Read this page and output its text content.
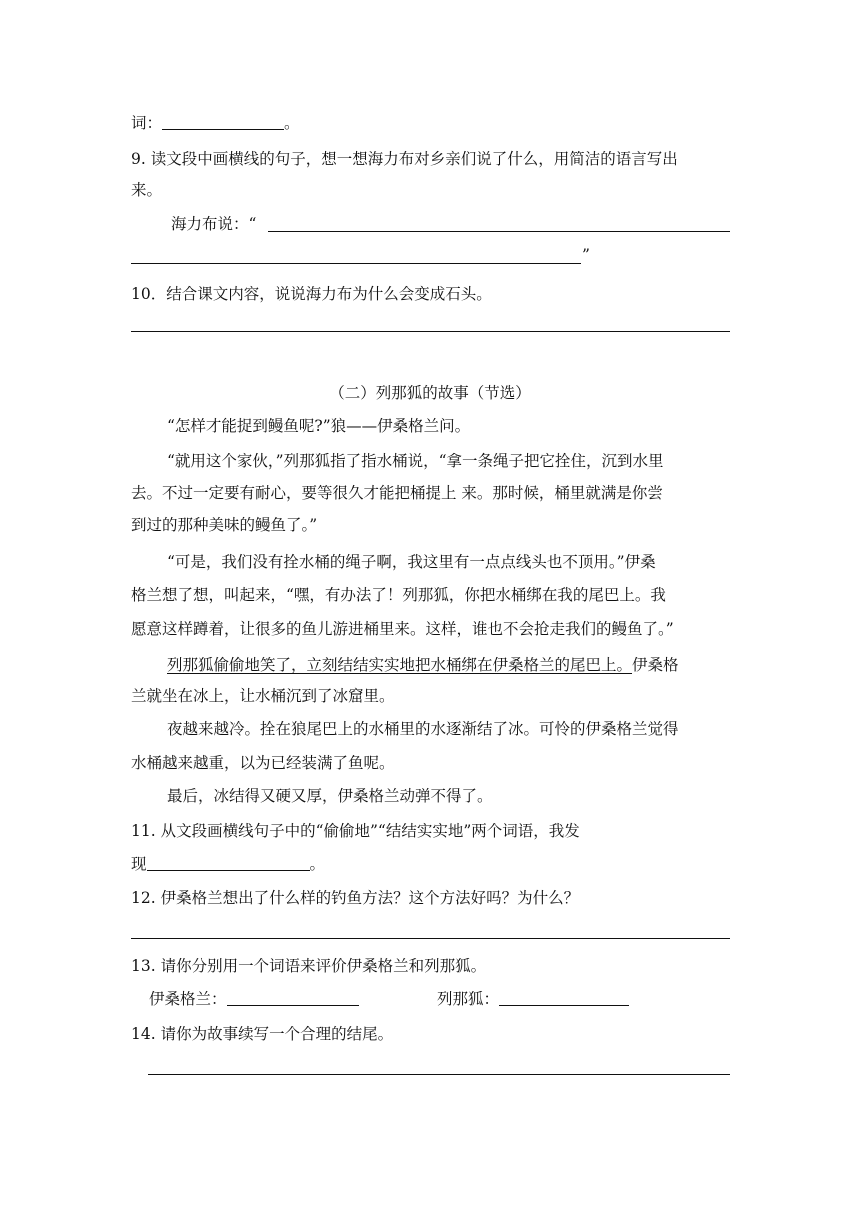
词：	。
9. 读文段中画横线的句子，想一想海力布对乡亲们说了什么，用简洁的语言写出
来。
海力布说：“
”
10．结合课文内容，说说海力布为什么会变成石头。
（二）列那狐的故事（节选）
“怎样才能捉到鳗鱼呢?”狼——伊桑格兰问。
“就用这个家伙，”列那狐指了指水桶说，“拿一条绳子把它拴住，沉到水里
去。不过一定要有耐心，要等很久才能把桶提上 来。那时候，桶里就满是你尝
到过的那种美味的鳗鱼了。”
“可是，我们没有拴水桶的绳子啊，我这里有一点点线头也不顶用。”伊桑
格兰想了想，叫起来，“嘿，有办法了！列那狐，你把水桶绑在我的尾巴上。我
愿意这样蹲着，让很多的鱼儿游进桶里来。这样，谁也不会抢走我们的鳗鱼了。”
列那狐偷偷地笑了，立刻结结实实地把水桶绑在伊桑格兰的尾巴上。伊桑格
兰就坐在冰上，让水桶沉到了冰窟里。
夜越来越冷。拴在狼尾巴上的水桶里的水逐渐结了冰。可怜的伊桑格兰觉得
水桶越来越重，以为已经装满了鱼呢。
最后，冰结得又硬又厚，伊桑格兰动弹不得了。
11. 从文段画横线句子中的“偷偷地”“结结实实地”两个词语，我发
现	。
12. 伊桑格兰想出了什么样的钓鱼方法？这个方法好吗？为什么？
13. 请你分别用一个词语来评价伊桑格兰和列那狐。
伊桑格兰：	列那狐：
14. 请你为故事续写一个合理的结尾。
